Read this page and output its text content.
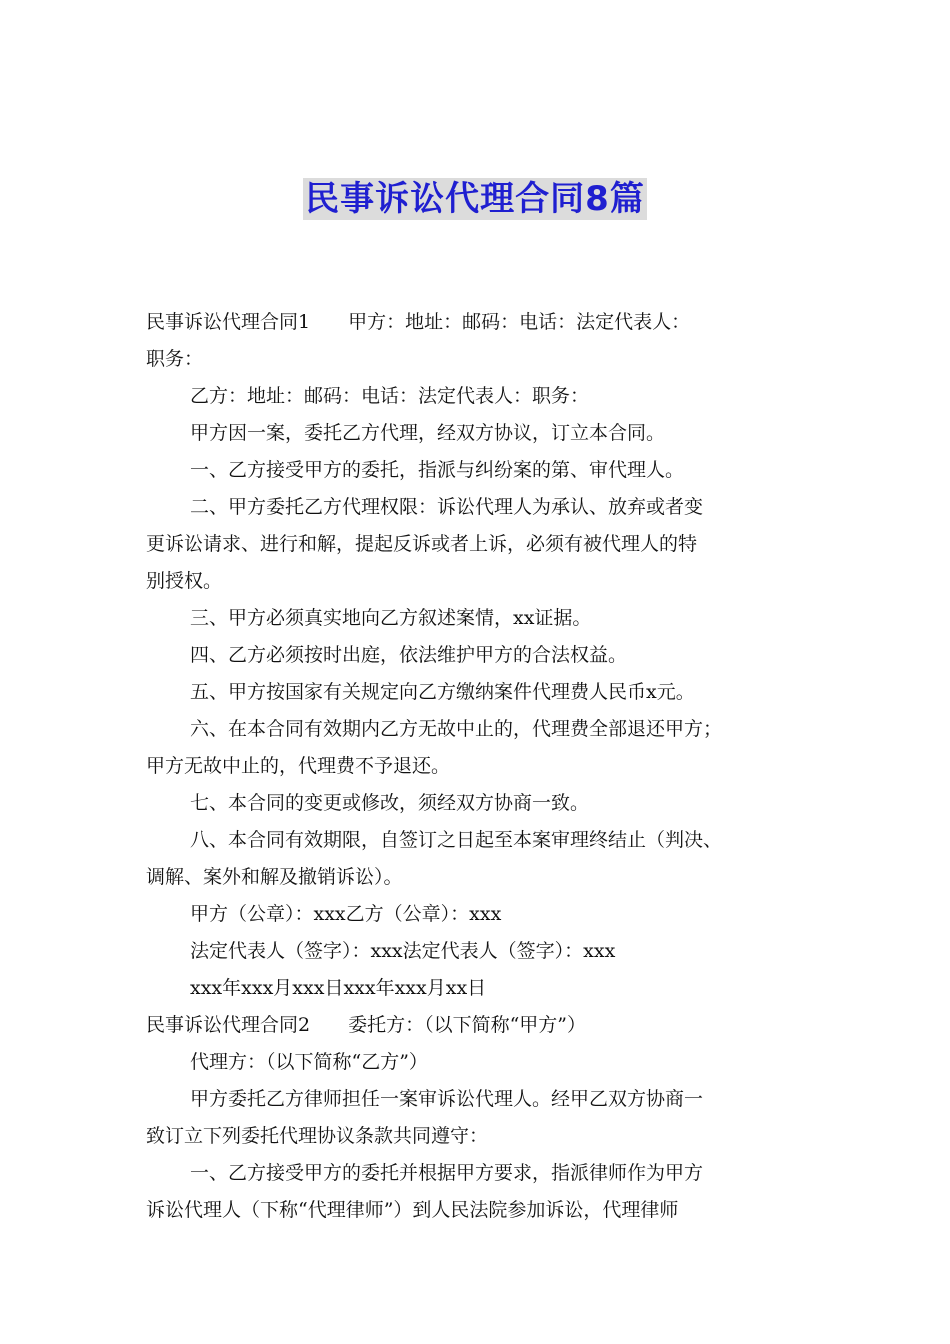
民事诉讼代理合同8篇

民事诉讼代理合同1　　甲方：地址：邮码：电话：法定代表人：

职务：

乙方：地址：邮码：电话：法定代表人：职务：

甲方因一案，委托乙方代理，经双方协议，订立本合同。

一、乙方接受甲方的委托，指派与纠纷案的第、审代理人。

二、甲方委托乙方代理权限：诉讼代理人为承认、放弃或者变

更诉讼请求、进行和解，提起反诉或者上诉，必须有被代理人的特

别授权。

三、甲方必须真实地向乙方叙述案情，xx证据。

四、乙方必须按时出庭，依法维护甲方的合法权益。

五、甲方按国家有关规定向乙方缴纳案件代理费人民币x元。

六、在本合同有效期内乙方无故中止的，代理费全部退还甲方；

甲方无故中止的，代理费不予退还。

七、本合同的变更或修改，须经双方协商一致。

八、本合同有效期限，自签订之日起至本案审理终结止（判决、

调解、案外和解及撤销诉讼）。

甲方（公章）：xxx乙方（公章）：xxx

法定代表人（签字）：xxx法定代表人（签字）：xxx

xxx年xxx月xxx日xxx年xxx月xx日

民事诉讼代理合同2　　委托方：（以下简称“甲方”）

代理方：（以下简称“乙方”）

甲方委托乙方律师担任一案审诉讼代理人。经甲乙双方协商一

致订立下列委托代理协议条款共同遵守：

一、乙方接受甲方的委托并根据甲方要求，指派律师作为甲方

诉讼代理人（下称“代理律师”）到人民法院参加诉讼，代理律师
